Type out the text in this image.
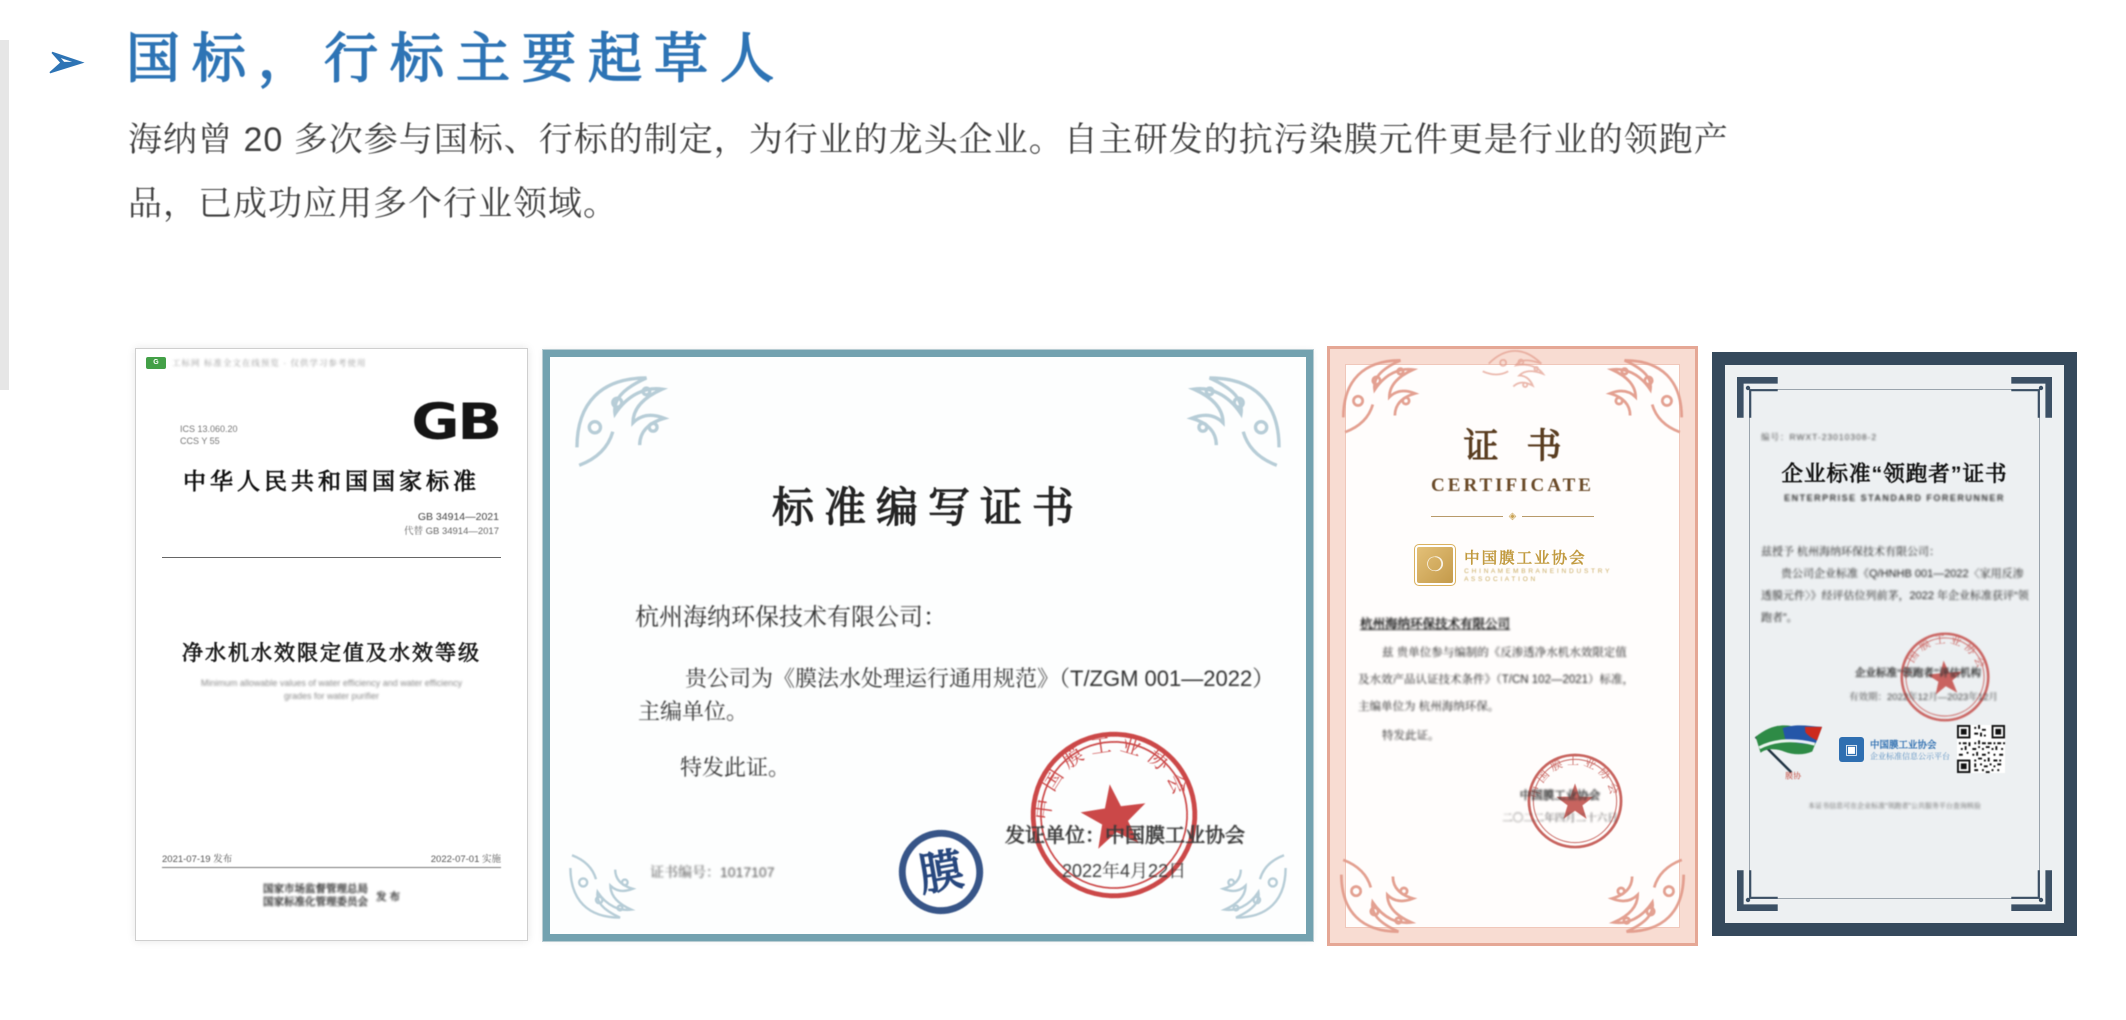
➢ 国标，行标主要起草人
海纳曾 20 多次参与国标、行标的制定，为行业的龙头企业。自主研发的抗污染膜元件更是行业的领跑产
品，已成功应用多个行业领域。
G	工标网 标准全文在线预览 · 仅供学习参考使用
ICS 13.060.20
CCS Y 55	GB
中华人民共和国国家标准
GB 34914—2021
代替 GB 34914—2017
净水机水效限定值及水效等级
Minimum allowable values of water efficiency and water efficiency
grades for water purifier
2021-07-19 发布	2022-07-01 实施
国家市场监督管理总局
国家标准化管理委员会 发 布
标准编写证书
杭州海纳环保技术有限公司：
贵公司为《膜法水处理运行通用规范》（T/ZGM 001—2022）
主编单位。
特发此证。
证书编号：1017107	膜
发证单位：中国膜工业协会
2022年4月22日
证书
CERTIFICATE
◈
❍	中国膜工业协会
C H I N A M E M B R A N E I N D U S T R Y
A S S O C I A T I O N
杭州海纳环保技术有限公司
兹 贵单位参与编制的《反渗透净水机水效限定值
及水效产品认证技术条件》（T/CN 102—2021）标准，
主编单位为 杭州海纳环保。
特发此证。
中国膜工业协会
二〇二二年四月二十六日
编号：RWXT-23010308-2
企业标准“领跑者”证书
ENTERPRISE STANDARD FORERUNNER
兹授予 杭州海纳环保技术有限公司：
贵公司企业标准《Q/HNHB 001—2022〈家用反渗
透膜元件〉》经评估位列前茅，2022 年企业标准获评“领
跑者”。
企业标准“领跑者”评估机构
有效期：2022年12月—2023年12月
膜协
▣	中国膜工业协会
企业标准信息公示平台
本证书信息可在企业标准“领跑者”公共服务平台查询核验
